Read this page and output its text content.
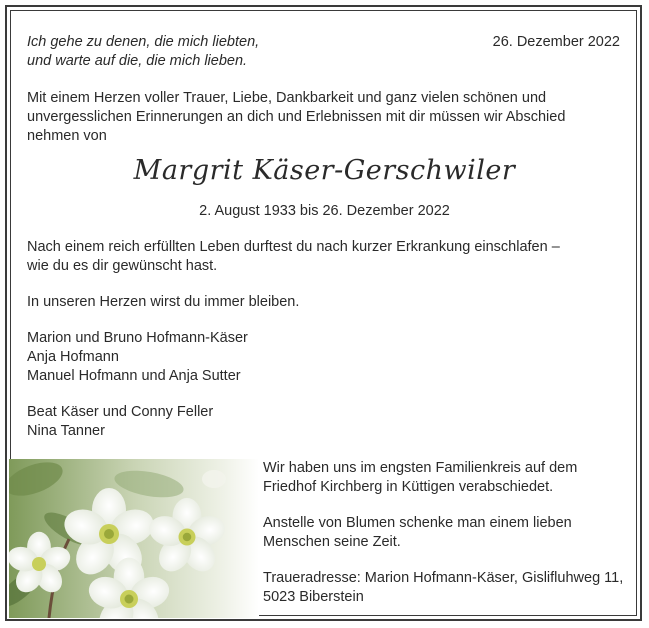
Ich gehe zu denen, die mich liebten,
und warte auf die, die mich lieben.
26. Dezember 2022
Mit einem Herzen voller Trauer, Liebe, Dankbarkeit und ganz vielen schönen und
unvergesslichen Erinnerungen an dich und Erlebnissen mit dir müssen wir Abschied
nehmen von
Margrit Käser-Gerschwiler
2. August 1933 bis 26. Dezember 2022
Nach einem reich erfüllten Leben durftest du nach kurzer Erkrankung einschlafen –
wie du es dir gewünscht hast.
In unseren Herzen wirst du immer bleiben.
Marion und Bruno Hofmann-Käser
Anja Hofmann
Manuel Hofmann und Anja Sutter
Beat Käser und Conny Feller
Nina Tanner
Wir haben uns im engsten Familienkreis auf dem
Friedhof Kirchberg in Küttigen verabschiedet.
Anstelle von Blumen schenke man einem lieben
Menschen seine Zeit.
Traueradresse: Marion Hofmann-Käser, Gislifluhweg 11,
5023 Biberstein
